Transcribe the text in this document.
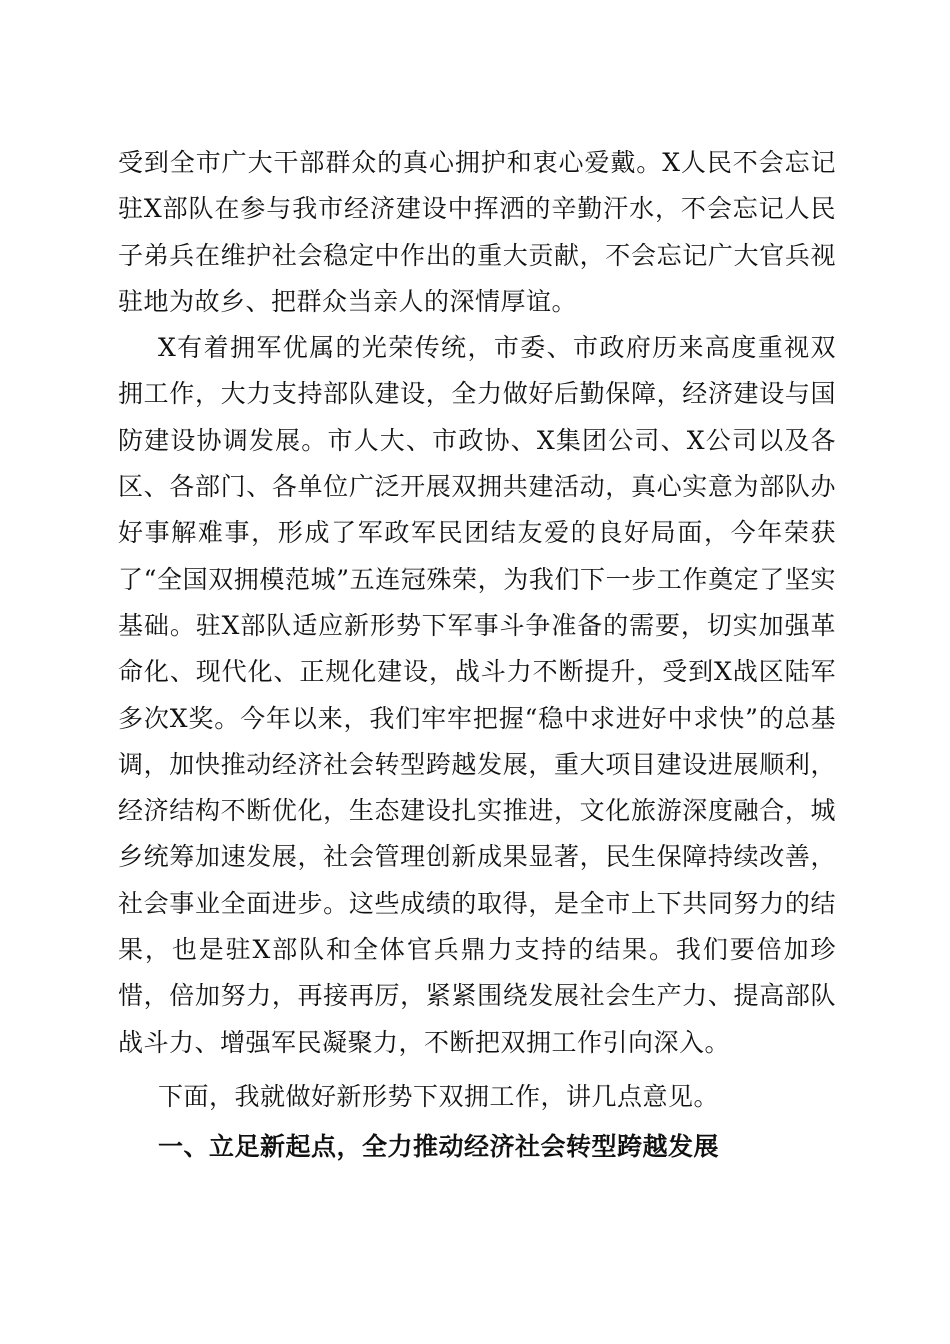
受到全市广大干部群众的真心拥护和衷心爱戴。X人民不会忘记驻X部队在参与我市经济建设中挥洒的辛勤汗水，不会忘记人民子弟兵在维护社会稳定中作出的重大贡献，不会忘记广大官兵视驻地为故乡、把群众当亲人的深情厚谊。

X有着拥军优属的光荣传统，市委、市政府历来高度重视双拥工作，大力支持部队建设，全力做好后勤保障，经济建设与国防建设协调发展。市人大、市政协、X集团公司、X公司以及各区、各部门、各单位广泛开展双拥共建活动，真心实意为部队办好事解难事，形成了军政军民团结友爱的良好局面，今年荣获了“全国双拥模范城”五连冠殊荣，为我们下一步工作奠定了坚实基础。驻X部队适应新形势下军事斗争准备的需要，切实加强革命化、现代化、正规化建设，战斗力不断提升，受到X战区陆军多次X奖。今年以来，我们牢牢把握“稳中求进好中求快”的总基调，加快推动经济社会转型跨越发展，重大项目建设进展顺利，经济结构不断优化，生态建设扎实推进，文化旅游深度融合，城乡统筹加速发展，社会管理创新成果显著，民生保障持续改善，社会事业全面进步。这些成绩的取得，是全市上下共同努力的结果，也是驻X部队和全体官兵鼎力支持的结果。我们要倍加珍惜，倍加努力，再接再厉，紧紧围绕发展社会生产力、提高部队战斗力、增强军民凝聚力，不断把双拥工作引向深入。

下面，我就做好新形势下双拥工作，讲几点意见。

一、立足新起点，全力推动经济社会转型跨越发展
